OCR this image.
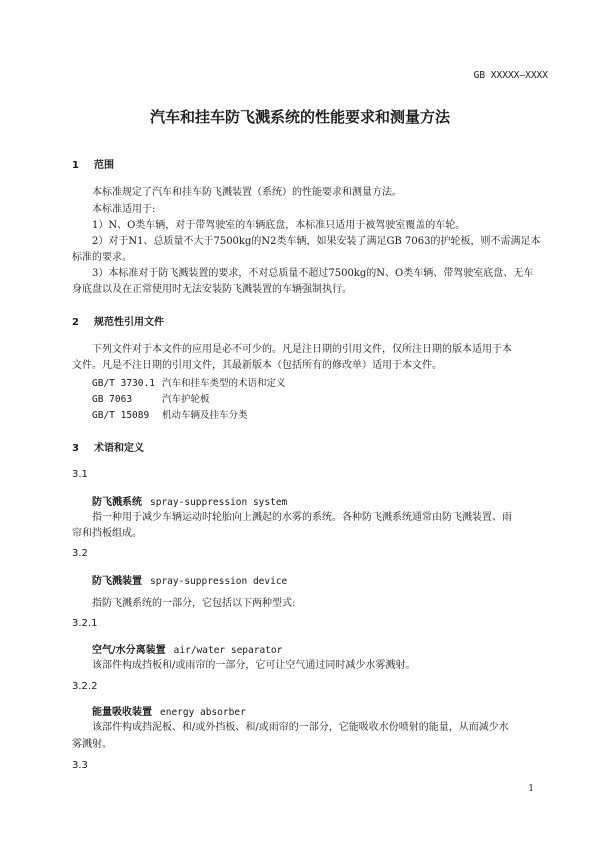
GB XXXXX—XXXX
汽车和挂车防飞溅系统的性能要求和测量方法
1 范围
本标准规定了汽车和挂车防飞溅装置（系统）的性能要求和测量方法。
本标准适用于:
1）N、O类车辆，对于带驾驶室的车辆底盘，本标准只适用于被驾驶室覆盖的车轮。
2）对于N1、总质量不大于7500kg的N2类车辆，如果安装了满足GB 7063的护轮板，则不需满足本
标准的要求。
3）本标准对于防飞溅装置的要求，不对总质量不超过7500kg的N、O类车辆、带驾驶室底盘、无车
身底盘以及在正常使用时无法安装防飞溅装置的车辆强制执行。
2 规范性引用文件
下列文件对于本文件的应用是必不可少的。凡是注日期的引用文件，仅所注日期的版本适用于本
文件。凡是不注日期的引用文件，其最新版本（包括所有的修改单）适用于本文件。
GB/T 3730.1 汽车和挂车类型的术语和定义
GB 7063	汽车护轮板
GB/T 15089 机动车辆及挂车分类
3 术语和定义
3.1
防飞溅系统 spray-suppression system
指一种用于减少车辆运动时轮胎向上溅起的水雾的系统。各种防飞溅系统通常由防飞溅装置、雨
帘和挡板组成。
3.2
防飞溅装置 spray-suppression device
指防飞溅系统的一部分，它包括以下两种型式:
3.2.1
空气/水分离装置 air/water separator
该部件构成挡板和/或雨帘的一部分，它可让空气通过同时减少水雾溅射。
3.2.2
能量吸收装置 energy absorber
该部件构成挡泥板、和/或外挡板、和/或雨帘的一部分，它能吸收水份喷射的能量，从而减少水
雾溅射。
3.3
1
